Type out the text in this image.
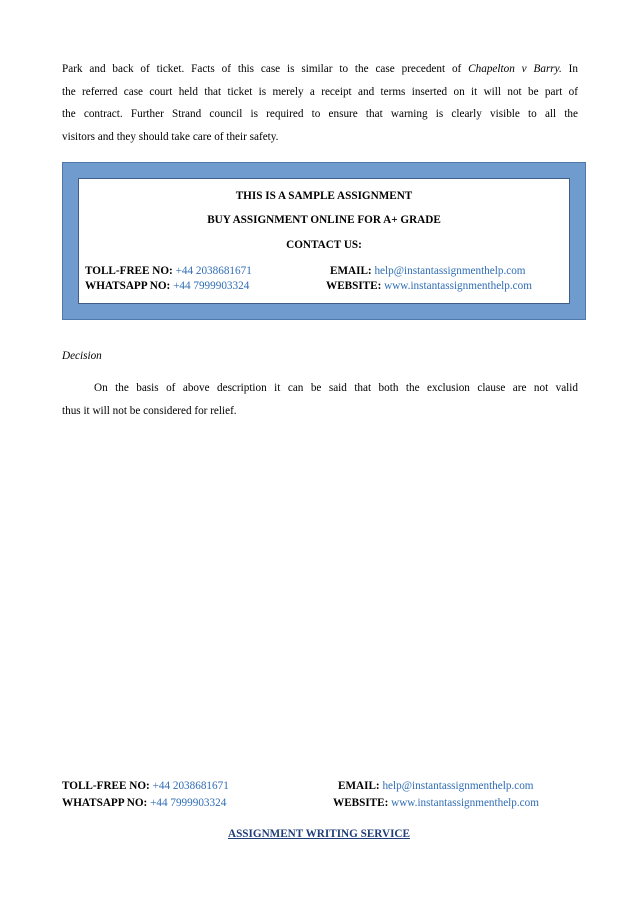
Park and back of ticket. Facts of this case is similar to the case precedent of Chapelton v Barry. In
the referred case court held that ticket is merely a receipt and terms inserted on it will not be part of
the contract. Further Strand council is required to ensure that warning is clearly visible to all the
visitors and they should take care of their safety.
THIS IS A SAMPLE ASSIGNMENT
BUY ASSIGNMENT ONLINE FOR A+ GRADE
CONTACT US:
TOLL-FREE NO: +44 2038681671	EMAIL: help@instantassignmenthelp.com
WHATSAPP NO: +44 7999903324	WEBSITE: www.instantassignmenthelp.com
Decision
On the basis of above description it can be said that both the exclusion clause are not valid
thus it will not be considered for relief.
TOLL-FREE NO: +44 2038681671	EMAIL: help@instantassignmenthelp.com
WHATSAPP NO: +44 7999903324	WEBSITE: www.instantassignmenthelp.com
ASSIGNMENT WRITING SERVICE
